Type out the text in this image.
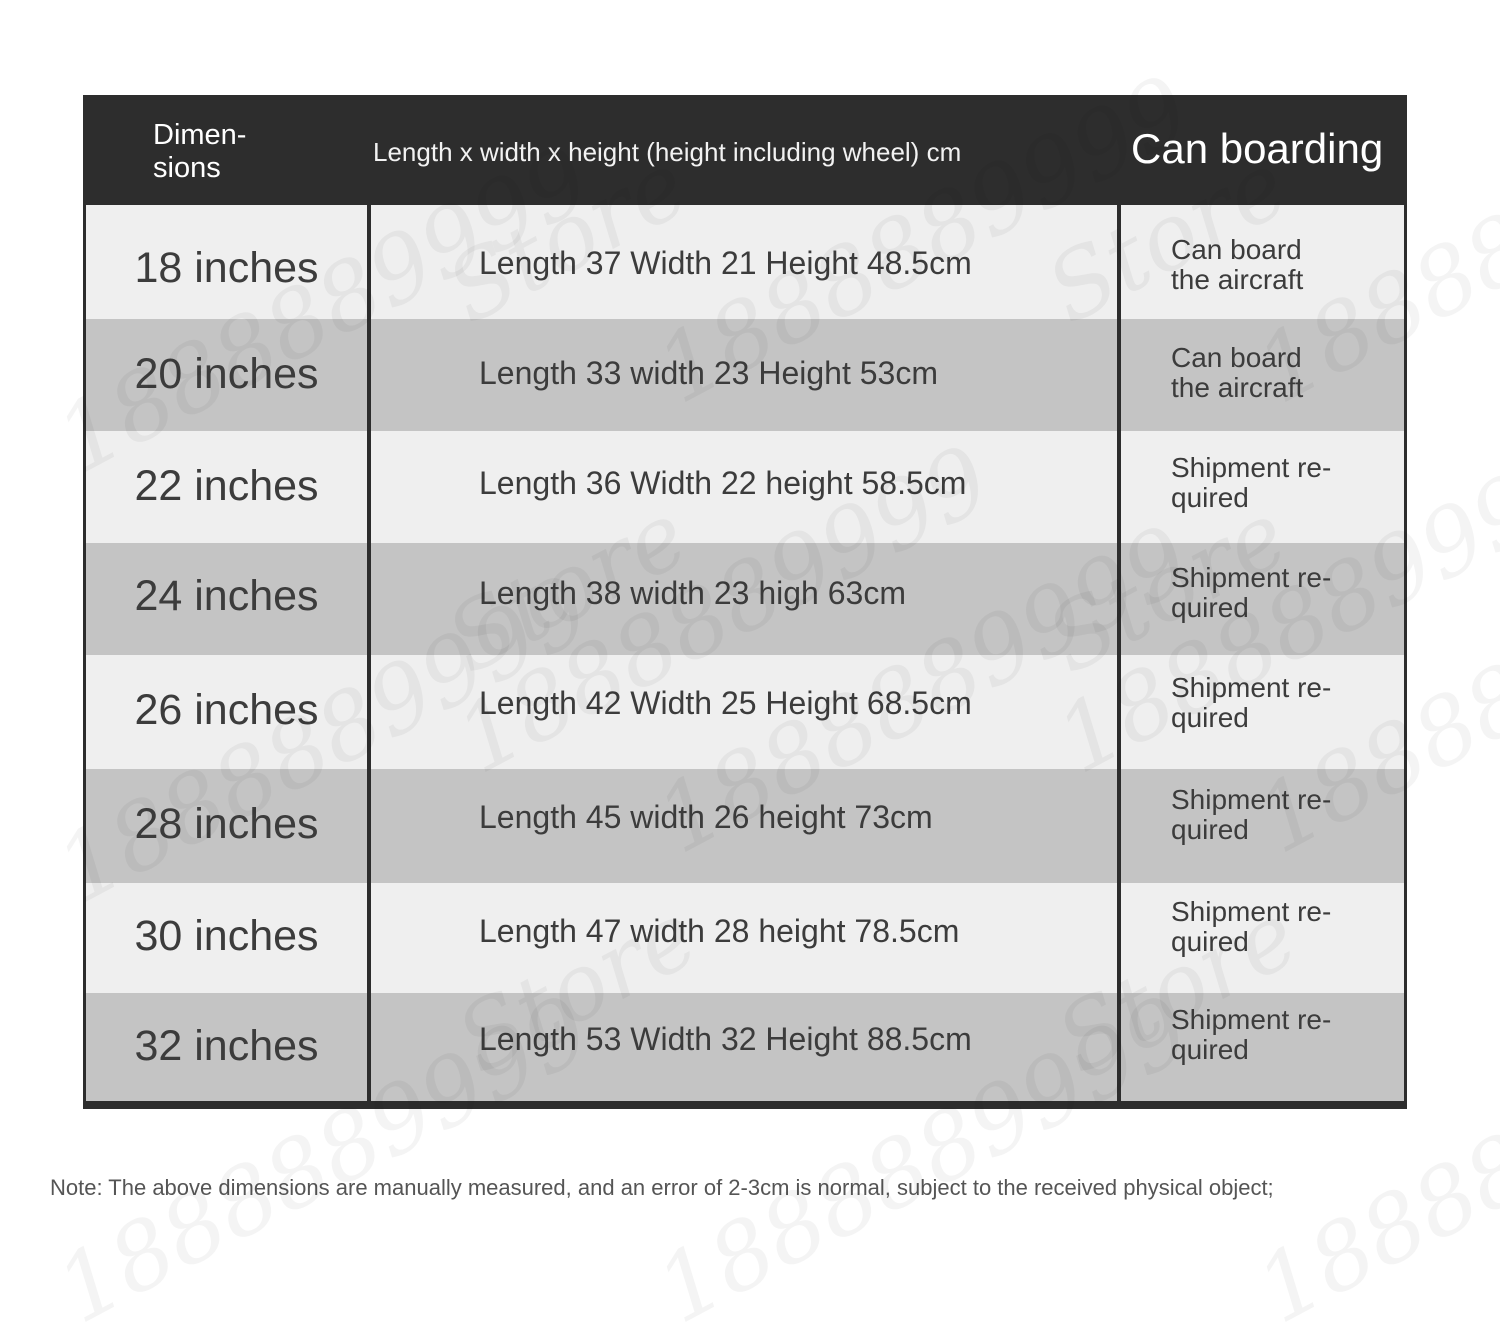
Dimen-
sions	Length x width x height (height including wheel) cm	Can boarding
18 inches	Length 37 Width 21 Height 48.5cm	Can board
the aircraft
20 inches	Length 33 width 23 Height 53cm	Can board
the aircraft
22 inches	Length 36 Width 22 height 58.5cm	Shipment re-
quired
24 inches	Length 38 width 23 high 63cm	Shipment re-
quired
26 inches	Length 42 Width 25 Height 68.5cm	Shipment re-
quired
28 inches	Length 45 width 26 height 73cm	Shipment re-
quired
30 inches	Length 47 width 28 height 78.5cm
Shipment re-
quired
32 inches	Length 53 Width 32 Height 88.5cm
Shipment re-
quired
Note: The above dimensions are manually measured, and an error of 2-3cm is normal, subject to the received physical object;
